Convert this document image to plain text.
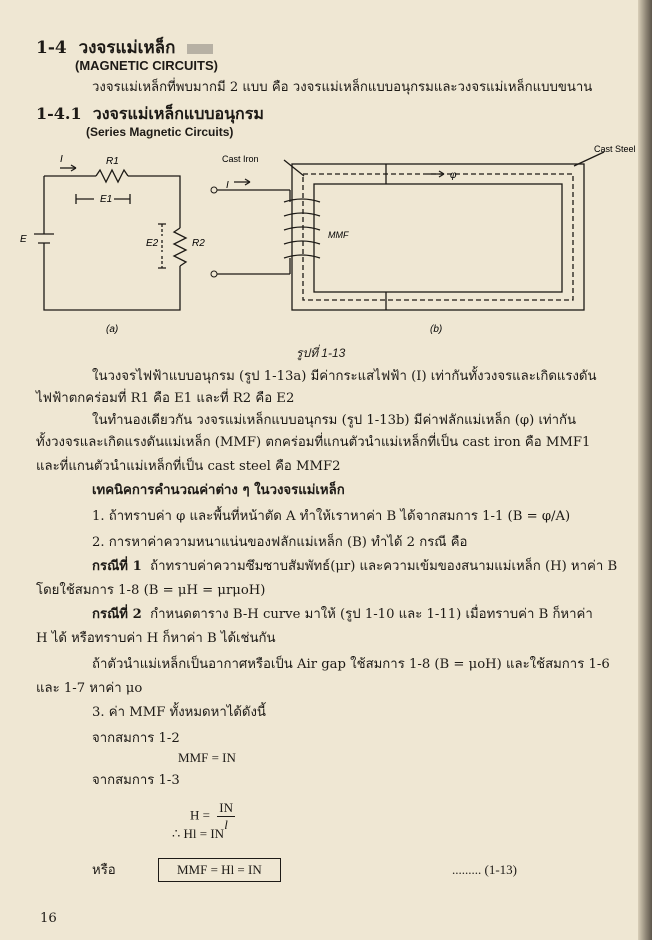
1-4 วงจรแม่เหล็ก
(MAGNETIC CIRCUITS)
วงจรแม่เหล็กที่พบมากมี 2 แบบ คือ วงจรแม่เหล็กแบบอนุกรมและวงจรแม่เหล็กแบบขนาน
1-4.1 วงจรแม่เหล็กแบบอนุกรม
(Series Magnetic Circuits)
I	R1
E1
E	E2	R2
(a)
Cast Iron
Cast Steel
φ
I
MMF
(b)
รูปที่ 1-13
ในวงจรไฟฟ้าแบบอนุกรม (รูป 1-13a) มีค่ากระแสไฟฟ้า (I) เท่ากันทั้งวงจรและเกิดแรงดัน
ไฟฟ้าตกคร่อมที่ R1 คือ E1 และที่ R2 คือ E2
ในทำนองเดียวกัน วงจรแม่เหล็กแบบอนุกรม (รูป 1-13b) มีค่าฟลักแม่เหล็ก (φ) เท่ากัน
ทั้งวงจรและเกิดแรงดันแม่เหล็ก (MMF) ตกคร่อมที่แกนตัวนำแม่เหล็กที่เป็น cast iron คือ MMF1
และที่แกนตัวนำแม่เหล็กที่เป็น cast steel คือ MMF2
เทคนิคการคำนวณค่าต่าง ๆ ในวงจรแม่เหล็ก
1. ถ้าทราบค่า φ และพื้นที่หน้าตัด A ทำให้เราหาค่า B ได้จากสมการ 1-1 (B = φ/A)
2. การหาค่าความหนาแน่นของฟลักแม่เหล็ก (B) ทำได้ 2 กรณี คือ
กรณีที่ 1 ถ้าทราบค่าความซึมซาบสัมพัทธ์(μr) และความเข้มของสนามแม่เหล็ก (H) หาค่า B
โดยใช้สมการ 1-8 (B = μH = μrμoH)
กรณีที่ 2 กำหนดตาราง B-H curve มาให้ (รูป 1-10 และ 1-11) เมื่อทราบค่า B ก็หาค่า
H ได้ หรือทราบค่า H ก็หาค่า B ได้เช่นกัน
ถ้าตัวนำแม่เหล็กเป็นอากาศหรือเป็น Air gap ใช้สมการ 1-8 (B = μoH) และใช้สมการ 1-6
และ 1-7 หาค่า μo
3. ค่า MMF ทั้งหมดหาได้ดังนี้
จากสมการ 1-2
MMF = IN
จากสมการ 1-3
$H = \frac{IN}{l}$
∴ Hl = IN
หรือ	MMF = Hl = IN	......... (1-13)
16
